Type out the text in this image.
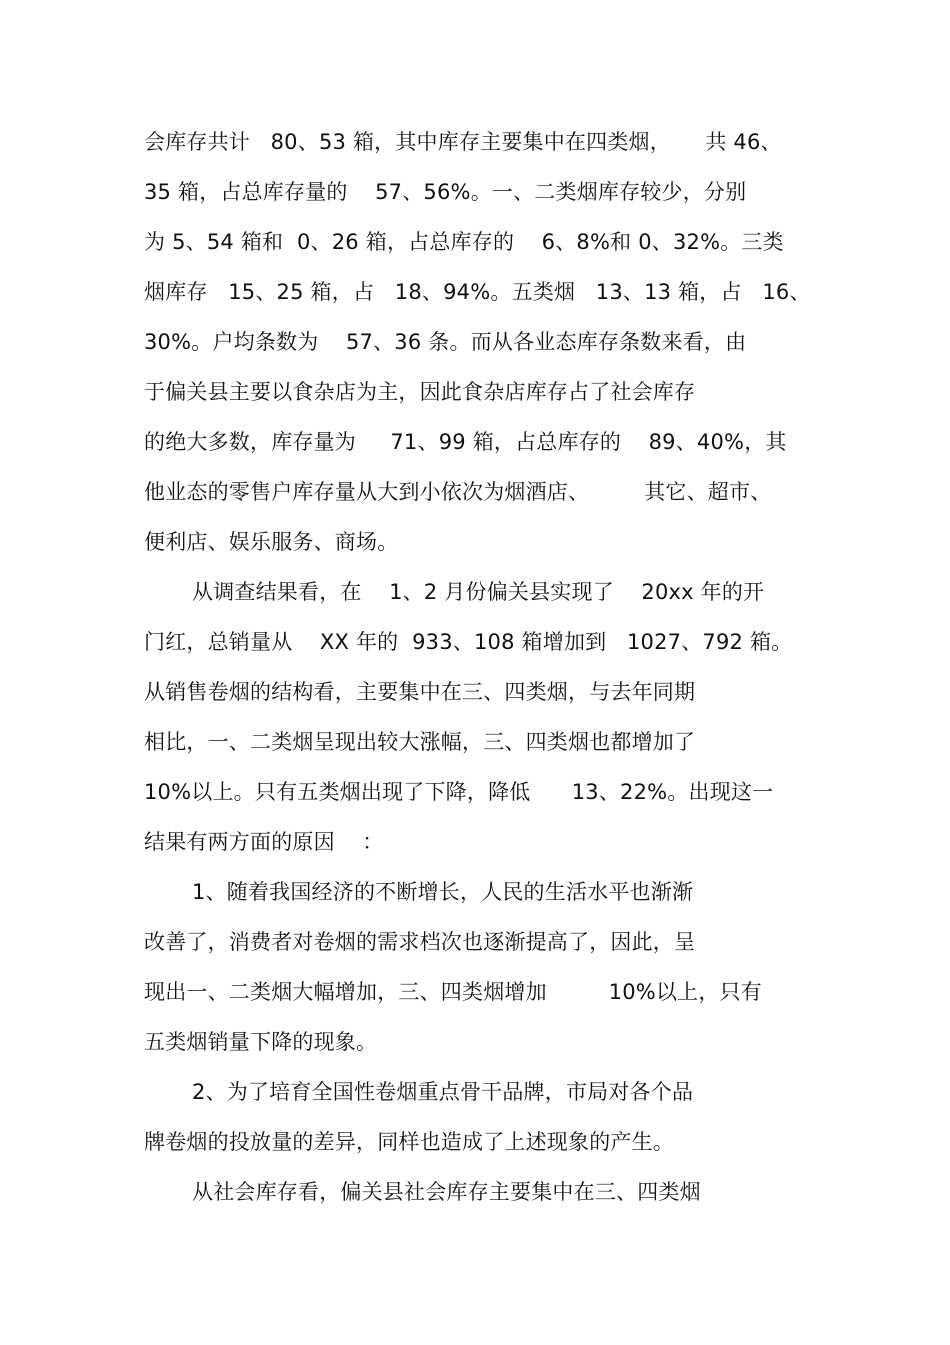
会库存共计   80、53 箱，其中库存主要集中在四类烟，     共 46、
35 箱，占总库存量的    57、56%。一、二类烟库存较少，分别
为 5、54 箱和  0、26 箱，占总库存的    6、8%和 0、32%。三类
烟库存   15、25 箱，占   18、94%。五类烟   13、13 箱，占   16、
30%。户均条数为    57、36 条。而从各业态库存条数来看，由
于偏关县主要以食杂店为主，因此食杂店库存占了社会库存
的绝大多数，库存量为     71、99 箱，占总库存的    89、40%，其
他业态的零售户库存量从大到小依次为烟酒店、        其它、超市、
便利店、娱乐服务、商场。
从调查结果看，在    1、2 月份偏关县实现了    20xx 年的开
门红，总销量从    XX 年的  933、108 箱增加到   1027、792 箱。
从销售卷烟的结构看，主要集中在三、四类烟，与去年同期
相比，一、二类烟呈现出较大涨幅，三、四类烟也都增加了
10%以上。只有五类烟出现了下降，降低      13、22%。出现这一
结果有两方面的原因    ：
1、随着我国经济的不断增长，人民的生活水平也渐渐
改善了，消费者对卷烟的需求档次也逐渐提高了，因此，呈
现出一、二类烟大幅增加，三、四类烟增加         10%以上，只有
五类烟销量下降的现象。
2、为了培育全国性卷烟重点骨干品牌，市局对各个品
牌卷烟的投放量的差异，同样也造成了上述现象的产生。
从社会库存看，偏关县社会库存主要集中在三、四类烟
